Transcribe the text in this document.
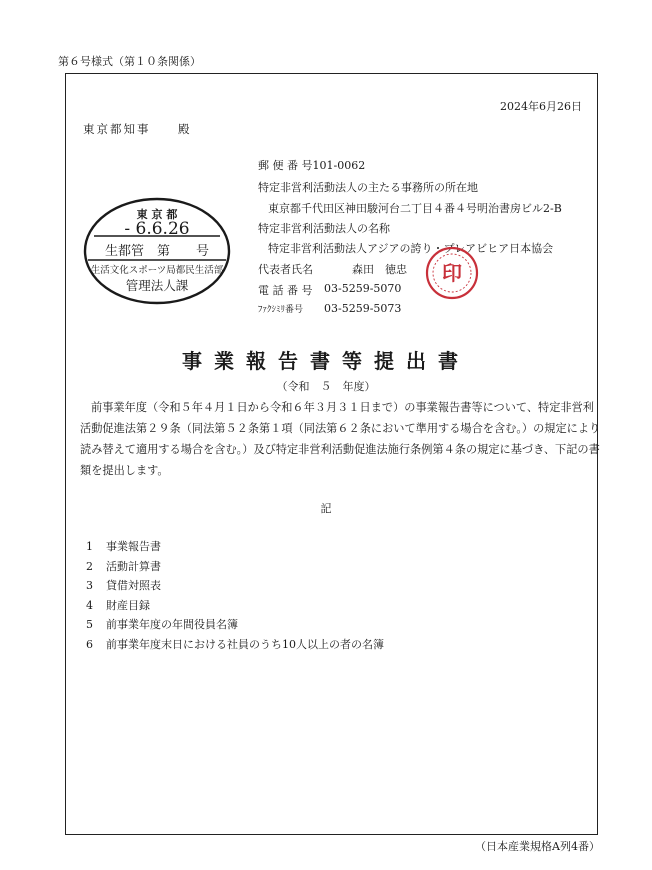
第６号様式（第１０条関係）
2024年6月26日
東京都知事 殿
郵 便 番 号101-0062
特定非営利活動法人の主たる事務所の所在地
東京都千代田区神田駿河台二丁目４番４号明治書房ビル2-B
特定非営利活動法人の名称
特定非営利活動法人アジアの誇り・プレアビヒア日本協会
代表者氏名	森田　徳忠
電 話 番 号 03-5259-5070
ﾌｧｸｼﾐﾘ番号 03-5259-5073
東 京 都
- 6.6.26
生都管　第　　号
生活文化スポーツ局都民生活部
管理法人課
印
事業報告書等提出書
（令和　５　年度）
前事業年度（令和５年４月１日から令和６年３月３１日まで）の事業報告書等について、特定非営利活動促進法第２９条（同法第５２条第１項（同法第６２条において準用する場合を含む。）の規定により読み替えて適用する場合を含む。）及び特定非営利活動促進法施行条例第４条の規定に基づき、下記の書類を提出します。
記
1 事業報告書
2 活動計算書
3 貸借対照表
4 財産目録
5 前事業年度の年間役員名簿
6 前事業年度末日における社員のうち10人以上の者の名簿
（日本産業規格A列4番）
